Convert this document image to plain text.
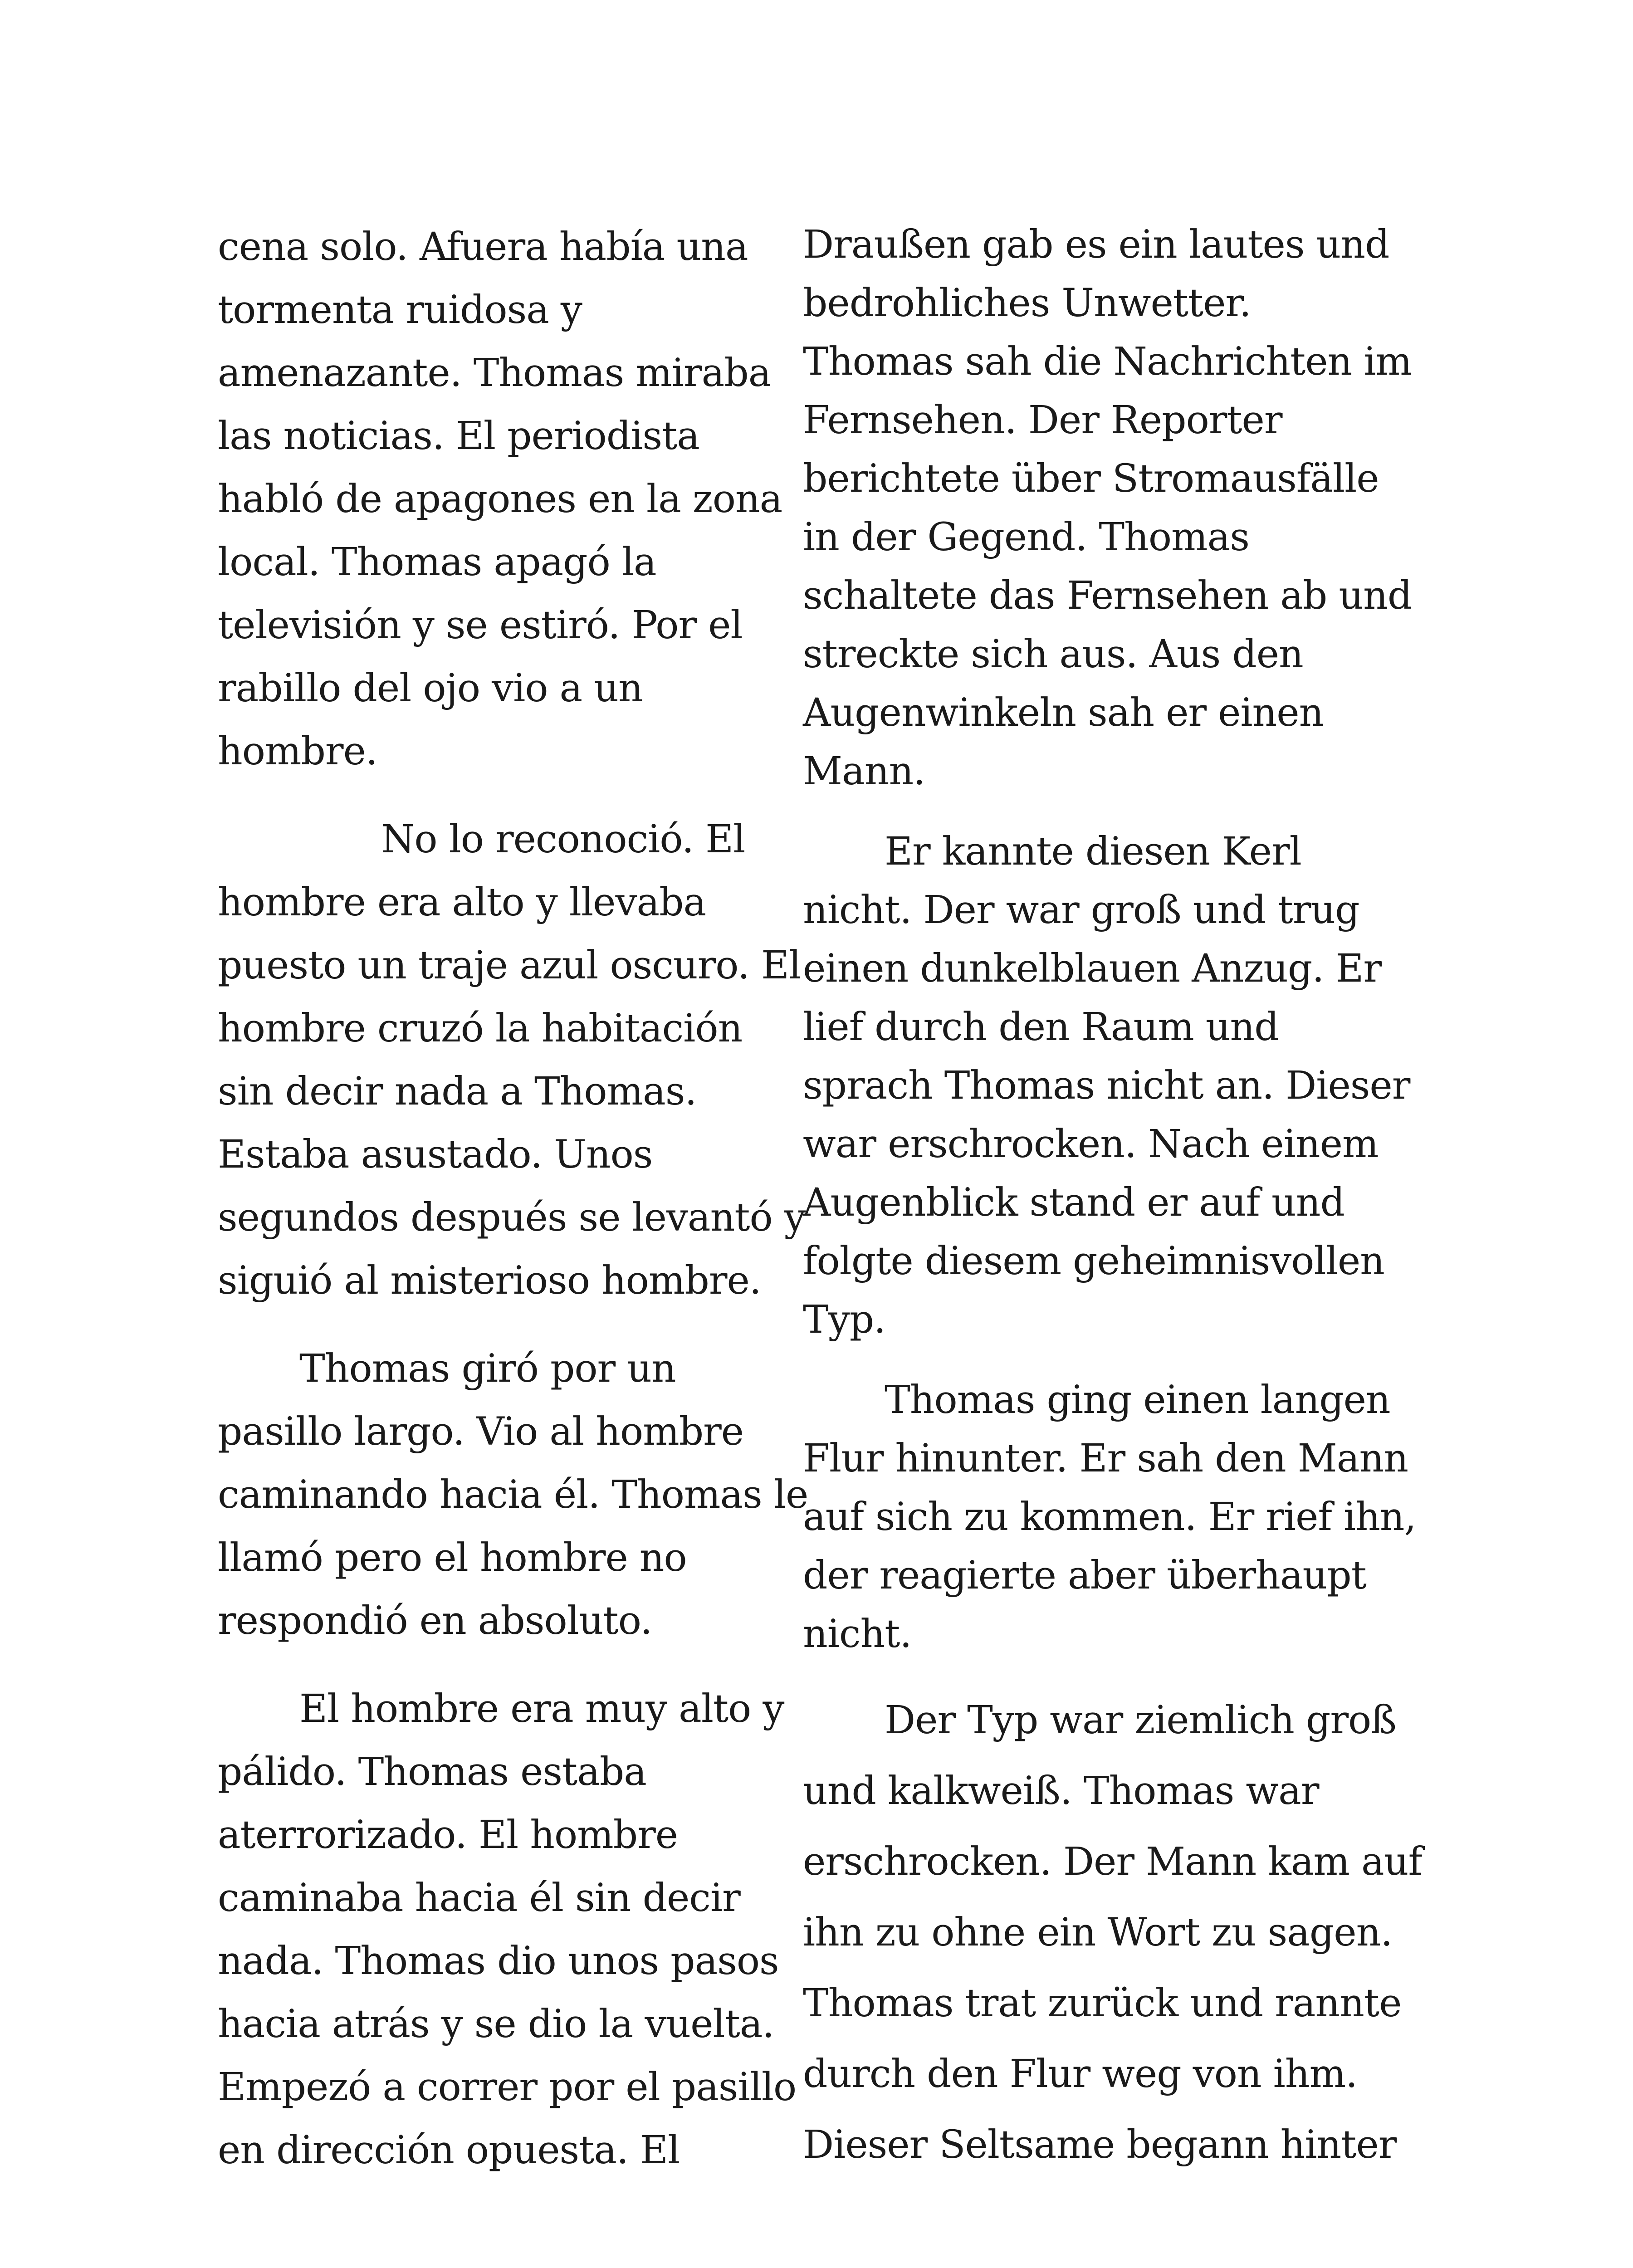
cena solo. Afuera había una
tormenta ruidosa y
amenazante. Thomas miraba
las noticias. El periodista
habló de apagones en la zona
local. Thomas apagó la
televisión y se estiró. Por el
rabillo del ojo vio a un
hombre.

No lo reconoció. El
hombre era alto y llevaba
puesto un traje azul oscuro. El
hombre cruzó la habitación
sin decir nada a Thomas.
Estaba asustado. Unos
segundos después se levantó y
siguió al misterioso hombre.

Thomas giró por un
pasillo largo. Vio al hombre
caminando hacia él. Thomas le
llamó pero el hombre no
respondió en absoluto.

El hombre era muy alto y
pálido. Thomas estaba
aterrorizado. El hombre
caminaba hacia él sin decir
nada. Thomas dio unos pasos
hacia atrás y se dio la vuelta.
Empezó a correr por el pasillo
en dirección opuesta. El

Draußen gab es ein lautes und
bedrohliches Unwetter.
Thomas sah die Nachrichten im
Fernsehen. Der Reporter
berichtete über Stromausfälle
in der Gegend. Thomas
schaltete das Fernsehen ab und
streckte sich aus. Aus den
Augenwinkeln sah er einen
Mann.

Er kannte diesen Kerl
nicht. Der war groß und trug
einen dunkelblauen Anzug. Er
lief durch den Raum und
sprach Thomas nicht an. Dieser
war erschrocken. Nach einem
Augenblick stand er auf und
folgte diesem geheimnisvollen
Typ.

Thomas ging einen langen
Flur hinunter. Er sah den Mann
auf sich zu kommen. Er rief ihn,
der reagierte aber überhaupt
nicht.

Der Typ war ziemlich groß
und kalkweiß. Thomas war
erschrocken. Der Mann kam auf
ihn zu ohne ein Wort zu sagen.
Thomas trat zurück und rannte
durch den Flur weg von ihm.
Dieser Seltsame begann hinter
